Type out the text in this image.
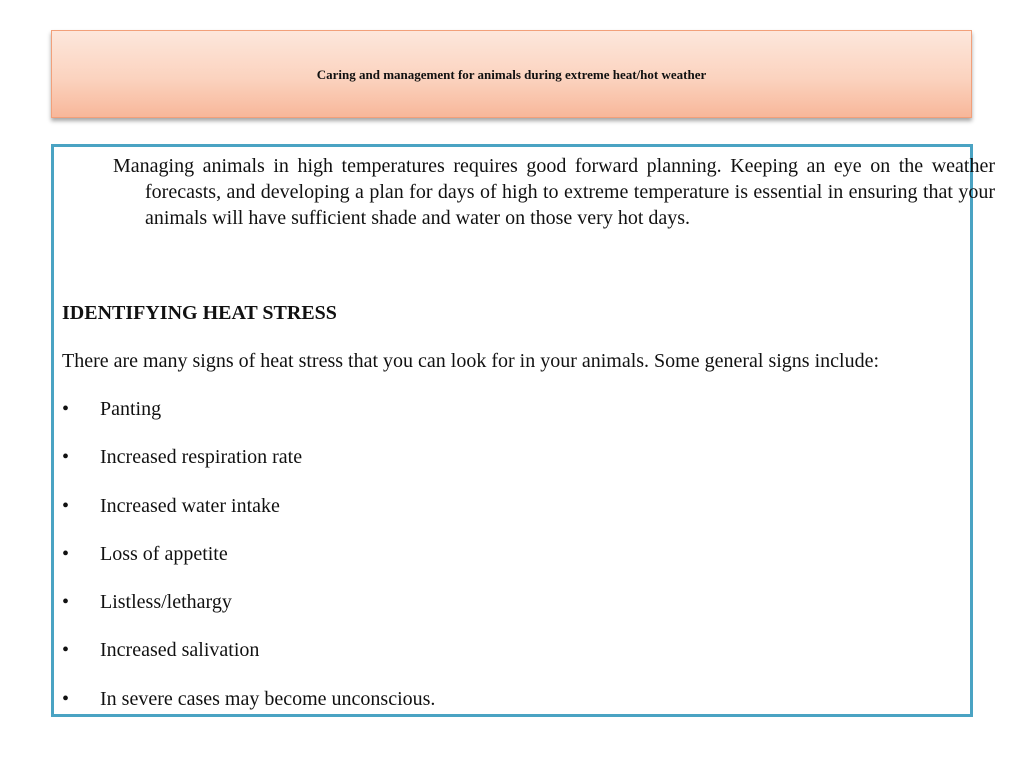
Caring and management for animals during extreme heat/hot weather

Managing animals in high temperatures requires good forward planning. Keeping an eye on the weather forecasts, and developing a plan for days of high to extreme temperature is essential in ensuring that your animals will have sufficient shade and water on those very hot days.

IDENTIFYING HEAT STRESS

There are many signs of heat stress that you can look for in your animals. Some general signs include:

• Panting
• Increased respiration rate
• Increased water intake
• Loss of appetite
• Listless/lethargy
• Increased salivation
• In severe cases may become unconscious.
